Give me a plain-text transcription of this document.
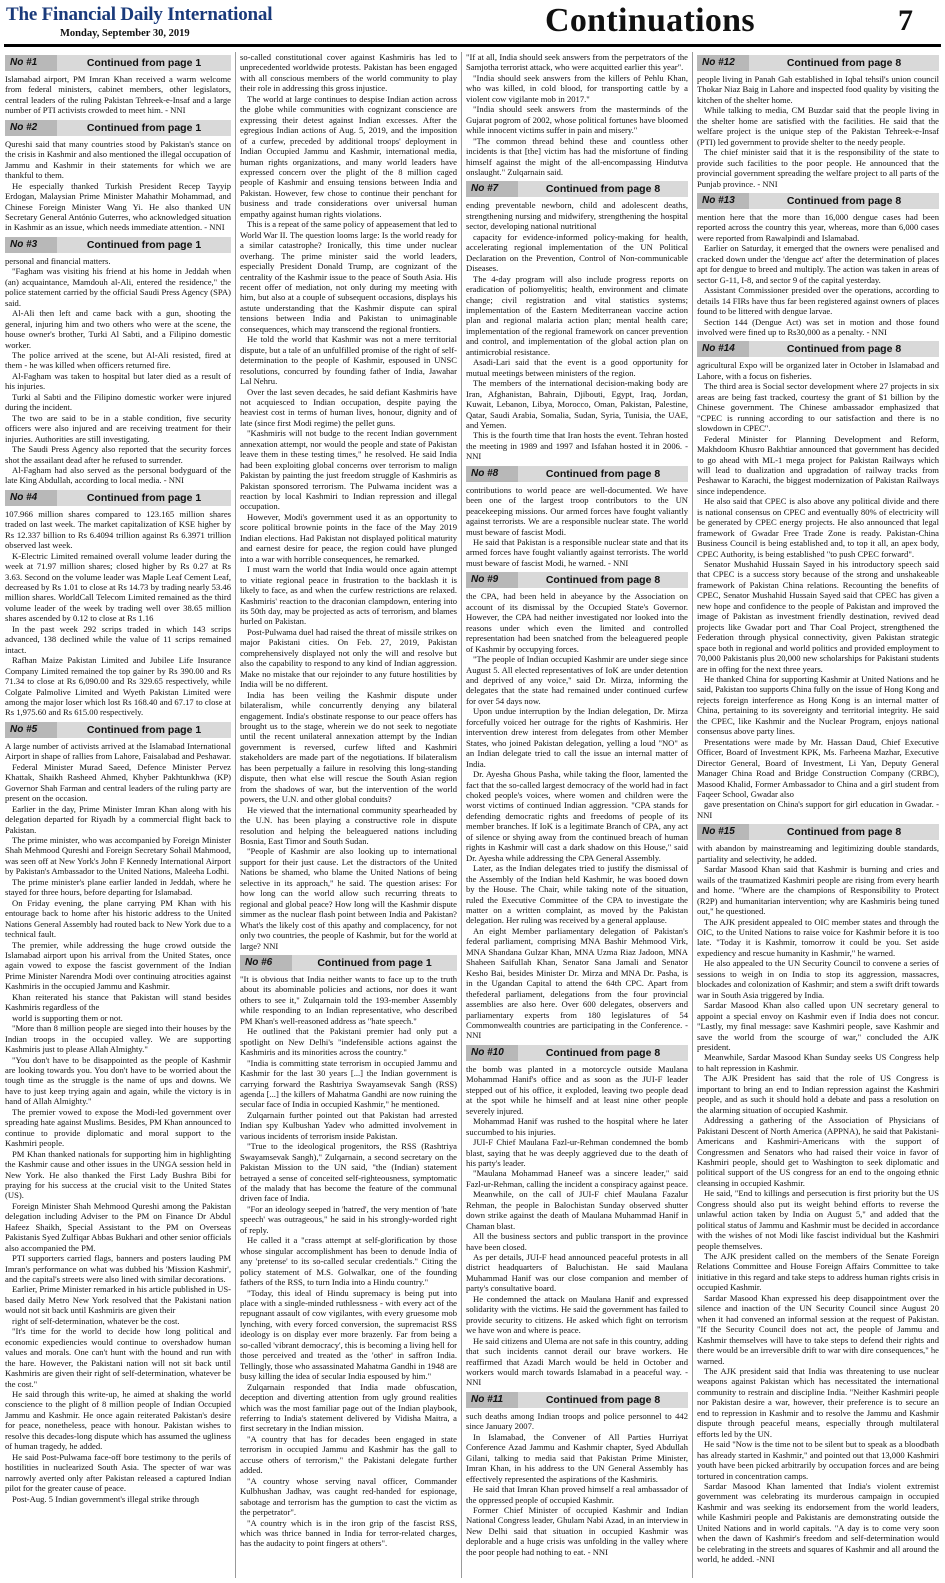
The Financial Daily International
Monday, September 30, 2019	Continuations	7
No #1	Continued from page 1

Islamabad airport, PM Imran Khan received a warm welcome from federal ministers, cabinet members, other legislators, central leaders of the ruling Pakistan Tehreek-e-Insaf and a large number of PTI activists crowded to meet him. - NNI

No #2	Continued from page 1

Qureshi said that many countries stood by Pakistan's stance on the crisis in Kashmir and also mentioned the illegal occupation of Jammu and Kashmir in their statements for which we are thankful to them.

He especially thanked Turkish President Recep Tayyip Erdogan, Malaysian Prime Minister Mahathir Mohammad, and Chinese Foreign Minister Wang Yi. He also thanked UN Secretary General António Guterres, who acknowledged situation in Kashmir as an issue, which needs immediate attention. - NNI

No #3	Continued from page 1

personal and financial matters.

"Fagham was visiting his friend at his home in Jeddah when (an) acquaintance, Mamdouh al-Ali, entered the residence," the police statement carried by the official Saudi Press Agency (SPA) said.

Al-Ali then left and came back with a gun, shooting the general, injuring him and two others who were at the scene, the house owner's brother, Turki Al Sabti, and a Filipino domestic worker.

The police arrived at the scene, but Al-Ali resisted, fired at them - he was killed when officers returned fire.

Al-Fagham was taken to hospital but later died as a result of his injuries.

Turki al Sabti and the Filipino domestic worker were injured during the incident.

The two are said to be in a stable condition, five security officers were also injured and are receiving treatment for their injuries. Authorities are still investigating.

The Saudi Press Agency also reported that the security forces shot the assailant dead after he refused to surrender.

Al-Fagham had also served as the personal bodyguard of the late King Abdullah, according to local media. - NNI

No #4	Continued from page 1

107.966 million shares compared to 123.165 million shares traded on last week. The market capitalization of KSE higher by Rs 12.337 billion to Rs 6.4094 trillion against Rs 6.3971 trillion observed last week.

K-Electric Limited remained overall volume leader during the week at 71.97 million shares; closed higher by Rs 0.27 at Rs 3.63. Second on the volume leader was Maple Leaf Cement Leaf, decreased by Rs 1.01 to close at Rs 14.73 by trading nearly 53.46 million shares. WorldCall Telecom Limited remained as the third volume leader of the week by trading well over 38.65 million shares ascended by 0.12 to close at Rs 1.16

In the past week 292 scrips traded in which 143 scrips advanced, 138 declined while the value of 11 scrips remained intact.

Rafhan Maize Pakistan Limited and Jubilee Life Insurance Company Limited remained the top gainer by Rs 390.00 and Rs 71.34 to close at Rs 6,090.00 and Rs 329.65 respectively, while Colgate Palmolive Limited and Wyeth Pakistan Limited were among the major loser which lost Rs 168.40 and 67.17 to close at Rs 1,975.60 and Rs 615.00 respectively.

No #5	Continued from page 1

A large number of activists arrived at the Islamabad International Airport in shape of rallies from Lahore, Faisalabad and Peshawar.

Federal Minister Murad Saeed, Defence Minister Pervez Khattak, Shaikh Rasheed Ahmed, Khyber Pakhtunkhwa (KP) Governor Shah Farman and central leaders of the ruling party are present on the occasion.

Earlier in the day, Prime Minister Imran Khan along with his delegation departed for Riyadh by a commercial flight back to Pakistan.

The prime minister, who was accompanied by Foreign Minister Shah Mehmood Qureshi and Foreign Secretary Sohail Mahmood, was seen off at New York's John F Kennedy International Airport by Pakistan's Ambassador to the United Nations, Maleeha Lodhi.

The prime minister's plane earlier landed in Jeddah, where he stayed for three hours, before departing for Islamabad.

On Friday evening, the plane carrying PM Khan with his entourage back to home after his historic address to the United Nations General Assembly had routed back to New York due to a technical fault.

The premier, while addressing the huge crowd outside the Islamabad airport upon his arrival from the United States, once again vowed to expose the fascist government of the Indian Prime Minister Narendra Modi over continuing atrocities against Kashmiris in the occupied Jammu and Kashmir.

Khan reiterated his stance that Pakistan will stand besides Kashmiris regardless of the

world is supporting them or not.

"More than 8 million people are sieged into their houses by the Indian troops in the occupied valley. We are supporting Kashmiris just to please Allah Almighty."

"You don't have to be disappointed as the people of Kashmir are looking towards you. You don't have to be worried about the tough time as the struggle is the name of ups and downs. We have to just keep trying again and again, while the victory is in hand of Allah Almighty."

The premier vowed to expose the Modi-led government over spreading hate against Muslims. Besides, PM Khan announced to continue to provide diplomatic and moral support to the Kashmiri people.

PM Khan thanked nationals for supporting him in highlighting the Kashmir cause and other issues in the UNGA session held in New York. He also thanked the First Lady Bushra Bibi for praying for his success at the crucial visit to the United States (US).

Foreign Minister Shah Mehmood Qureshi among the Pakistan delegation including Adviser to the PM on Finance Dr Abdul Hafeez Shaikh, Special Assistant to the PM on Overseas Pakistanis Syed Zulfiqar Abbas Bukhari and other senior officials also accompanied the PM.

PTI supporters carried flags, banners and posters lauding PM Imran's performance on what was dubbed his 'Mission Kashmir', and the capital's streets were also lined with similar decorations.

Earlier, Prime Minister remarked in his article published in US-based daily Metro New York resolved that the Pakistani nation would not sit back until Kashmiris are given their

right of self-determination, whatever be the cost.

"It's time for the world to decide how long political and economic expediencies would continue to overshadow human values and morals. One can't hunt with the hound and run with the hare. However, the Pakistani nation will not sit back until Kashmiris are given their right of self-determination, whatever be the cost."

He said through this write-up, he aimed at shaking the world conscience to the plight of 8 million people of Indian Occupied Jammu and Kashmir. He once again reiterated Pakistan's desire for peace, nonetheless, peace with honour. Pakistan wishes to resolve this decades-long dispute which has assumed the ugliness of human tragedy, he added.

He said Post-Pulwama face-off bore testimony to the perils of hostilities in nuclearized South Asia. The specter of war was narrowly averted only after Pakistan released a captured Indian pilot for the greater cause of peace.

Post-Aug. 5 Indian government's illegal strike through

so-called constitutional cover against Kashmiris has led to unprecedented worldwide protests. Pakistan has been engaged with all conscious members of the world community to play their role in addressing this gross injustice.

The world at large continues to despise Indian action across the globe while communities with cognizant conscience are expressing their detest against Indian excesses. After the egregious Indian actions of Aug. 5, 2019, and the imposition of a curfew, preceded by additional troops' deployment in Indian Occupied Jammu and Kashmir, international media, human rights organizations, and many world leaders have expressed concern over the plight of the 8 million caged people of Kashmir and ensuing tensions between India and Pakistan. However, few chose to continue their penchant for business and trade considerations over universal human empathy against human rights violations.

This is a repeat of the same policy of appeasement that led to World War II. The question looms large: Is the world ready for a similar catastrophe? Ironically, this time under nuclear overhang. The prime minister said the world leaders, especially President Donald Trump, are cognizant of the centrality of the Kashmir issue to the peace of South Asia. His recent offer of mediation, not only during my meeting with him, but also at a couple of subsequent occasions, displays his astute understanding that the Kashmir dispute can spiral tensions between India and Pakistan to unimaginable consequences, which may transcend the regional frontiers.

He told the world that Kashmir was not a mere territorial dispute, but a tale of an unfulfilled promise of the right of self-determination to the people of Kashmir, espoused in UNSC resolutions, concurred by founding father of India, Jawahar Lal Nehru.

Over the last seven decades, he said defiant Kashmiris have not acquiesced to Indian occupation, despite paying the heaviest cost in terms of human lives, honour, dignity and of late (since first Modi regime) the pellet guns.

"Kashmiris will not budge to the recent Indian government annexation attempt, nor would the people and state of Pakistan leave them in these testing times," he resolved. He said India had been exploiting global concerns over terrorism to malign Pakistan by painting the just freedom struggle of Kashmiris as Pakistan sponsored terrorism. The Pulwama incident was a reaction by local Kashmiri to Indian repression and illegal occupation.

However, Modi's government used it as an opportunity to score political brownie points in the face of the May 2019 Indian elections. Had Pakistan not displayed political maturity and earnest desire for peace, the region could have plunged into a war with horrible consequences, he remarked.

I must warn the world that India would once again attempt to vitiate regional peace in frustration to the backlash it is likely to face, as and when the curfew restrictions are relaxed. Kashmiris' reaction to the draconian clampdown, entering into its 50th day, may be projected as acts of terrorism, and blames hurled on Pakistan.

Post-Pulwama duel had raised the threat of missile strikes on major Pakistani cities. On Feb. 27, 2019, Pakistan comprehensively displayed not only the will and resolve but also the capability to respond to any kind of Indian aggression. Make no mistake that our rejoinder to any future hostilities by India will be no different.

India has been veiling the Kashmir dispute under bilateralism, while concurrently denying any bilateral engagement. India's obstinate response to our peace offers has brought us to the stage, wherein we do not seek to negotiate until the recent unilateral annexation attempt by the Indian government is reversed, curfew lifted and Kashmiri stakeholders are made part of the negotiations. If bilateralism has been perpetually a failure in resolving this long-standing dispute, then what else will rescue the South Asian region from the shadows of war, but the intervention of the world powers, the U.N. and other global conduits?

He viewed that the international community spearheaded by the U.N. has been playing a constructive role in dispute resolution and helping the beleaguered nations including Bosnia, East Timor and South Sudan.

"People of Kashmir are also looking up to international support for their just cause. Let the distractors of the United Nations be shamed, who blame the United Nations of being selective in its approach," he said. The question arises: For how long can the world allow such recurring threats to regional and global peace? How long will the Kashmir dispute simmer as the nuclear flash point between India and Pakistan? What's the likely cost of this apathy and complacency, for not only two countries, the people of Kashmir, but for the world at large? NNI

No #6	Continued from page 1

"It is obvious that India neither wants to face up to the truth about its abominable policies and actions, nor does it want others to see it," Zulqarnain told the 193-member Assembly while responding to an Indian representative, who described PM Khan's well-reasoned address as "hate speech."

He outlined that the Pakistani premier had only put a spotlight on New Delhi's "indefensible actions against the Kashmiris and its minorities across the country."

"India is committing state terrorism in occupied Jammu and Kashmir for the last 30 years [...] the Indian government is carrying forward the Rashtriya Swayamsevak Sangh (RSS) agenda [...] the killers of Mahatma Gandhi are now ruining the secular face of India in occupied Kashmir," he mentioned.

Zulqarnain further pointed out that Pakistan had arrested Indian spy Kulbushan Yadev who admitted involvement in various incidents of terrorism inside Pakistan.

"True to the ideological progenitors, the RSS (Rashtriya Swayamsevak Sangh)," Zulqarnain, a second secretary on the Pakistan Mission to the UN said, "the (Indian) statement betrayed a sense of conceited self-righteousness, symptomatic of the malady that has become the feature of the communal driven face of India.

"For an ideology seeped in 'hatred', the very mention of 'hate speech' was outrageous," he said in his strongly-worded right of reply.

He called it a "crass attempt at self-glorification by those whose singular accomplishment has been to denude India of any 'pretense' to its so-called secular credentials." Citing the policy statement of M.S. Golwalkar, one of the founding fathers of the RSS, to turn India into a Hindu country."

"Today, this ideal of Hindu supremacy is being put into place with a single-minded ruthlessness - with every act of the repugnant assault of cow vigilantes, with every gruesome mob lynching, with every forced conversion, the supremacist RSS ideology is on display ever more brazenly. Far from being a so-called 'vibrant democracy', this is becoming a living hell for those perceived and treated as the 'other' in saffron India. Tellingly, those who assassinated Mahatma Gandhi in 1948 are busy killing the idea of secular India espoused by him."

Zulqarnain responded that India made obfuscation, deception and diverting attention from ugly ground realities which was the most familiar page out of the Indian playbook, referring to India's statement delivered by Vidisha Maitra, a first secretary in the Indian mission.

"A country that has for decades been engaged in state terrorism in occupied Jammu and Kashmir has the gall to accuse others of terrorism," the Pakistani delegate further added.

"A country whose serving naval officer, Commander Kulbhushan Jadhav, was caught red-handed for espionage, sabotage and terrorism has the gumption to cast the victim as the perpetrator".

"A country which is in the iron grip of the fascist RSS, which was thrice banned in India for terror-related charges, has the audacity to point fingers at others".

"If at all, India should seek answers from the perpetrators of the Samjotha terrorist attack, who were acquitted earlier this year".

"India should seek answers from the killers of Pehlu Khan, who was killed, in cold blood, for transporting cattle by a violent cow vigilante mob in 2017."

"India should seek answers from the masterminds of the Gujarat pogrom of 2002, whose political fortunes have bloomed while innocent victims suffer in pain and misery."

"The common thread behind these and countless other incidents is that [the] victim has had the misfortune of finding himself against the might of the all-encompassing Hindutva onslaught." Zulqarnain said.

No #7	Continued from page 8

ending preventable newborn, child and adolescent deaths, strengthening nursing and midwifery, strengthening the hospital sector, developing national nutritional

capacity for evidence-informed policy-making for health, accelerating regional implementation of the UN Political Declaration on the Prevention, Control of Non-communicable Diseases.

The 4-day program will also include progress reports on eradication of poliomyelitis; health, environment and climate change; civil registration and vital statistics systems; implementation of the Eastern Mediterranean vaccine action plan and regional malaria action plan; mental health care; implementation of the regional framework on cancer prevention and control, and implementation of the global action plan on antimicrobial resistance.

Asadi-Lari said that the event is a good opportunity for mutual meetings between ministers of the region.

The members of the international decision-making body are Iran, Afghanistan, Bahrain, Djibouti, Egypt, Iraq, Jordan, Kuwait, Lebanon, Libya, Morocco, Oman, Pakistan, Palestine, Qatar, Saudi Arabia, Somalia, Sudan, Syria, Tunisia, the UAE, and Yemen.

This is the fourth time that Iran hosts the event. Tehran hosted the meeting in 1989 and 1997 and Isfahan hosted it in 2006. - NNI

No #8	Continued from page 8

contributions to world peace are well-documented. We have been one of the largest troop contributors to the UN peacekeeping missions. Our armed forces have fought valiantly against terrorists. We are a responsible nuclear state. The world must beware of fascist Modi.

He said that Pakistan is a responsible nuclear state and that its armed forces have fought valiantly against terrorists. The world must beware of fascist Modi, he warned. - NNI

No #9	Continued from page 8

the CPA, had been held in abeyance by the Association on account of its dismissal by the Occupied State's Governor. However, the CPA had neither investigated nor looked into the reasons under which even the limited and controlled representation had been snatched from the beleaguered people of Kashmir by occupying forces.

"The people of Indian occupied Kashmir are under siege since August 5. All elected representatives of IoK are under detention and deprived of any voice," said Dr. Mirza, informing the delegates that the state had remained under continued curfew for over 54 days now.

Upon undue interruption by the Indian delegation, Dr. Mirza forcefully voiced her outrage for the rights of Kashmiris. Her intervention drew interest from delegates from other Member States, who joined Pakistan delegation, yelling a loud "NO" as an Indian delegate tried to call the issue an internal matter of India.

Dr. Ayesha Ghous Pasha, while taking the floor, lamented the fact that the so-called largest democracy of the world had in fact choked people's voices, where women and children were the worst victims of continued Indian aggression. "CPA stands for defending democratic rights and freedoms of people of its member branches. If IoK is a legitimate Branch of CPA, any act of silence or shying away from the continued breach of human rights in Kashmir will cast a dark shadow on this House," said Dr. Ayesha while addressing the CPA General Assembly.

Later, as the Indian delegates tried to justify the dismissal of the Assembly of the Indian held Kashmir, he was booed down by the House. The Chair, while taking note of the situation, ruled the Executive Committee of the CPA to investigate the matter on a written complaint, as moved by the Pakistan delegation. Her ruling was received by a general applause.

An eight Member parliamentary delegation of Pakistan's federal parliament, comprising MNA Bashir Mehmood Virk, MNA Shandana Gulzar Khan, MNA Uzma Riaz Jadoon, MNA Shaheen Saifullah Khan, Senator Sana Jamali and Senator Kesho Bai, besides Minister Dr. Mirza and MNA Dr. Pasha, is in the Ugandan Capital to attend the 64th CPC. Apart from thefederal parliament, delegations from the four provincial assemblies are also here. Over 600 delegates, observers and parliamentary experts from 180 legislatures of 54 Commonwealth countries are participating in the Conference. - NNI

No #10	Continued from page 8

the bomb was planted in a motorcycle outside Maulana Mohammad Hanif's office and as soon as the JUI-F leader stepped out of his office, it exploded, leaving two people dead at the spot while he himself and at least nine other people severely injured.

Mohammad Hanif was rushed to the hospital where he later succumbed to his injuries.

JUI-F Chief Maulana Fazl-ur-Rehman condemned the bomb blast, saying that he was deeply aggrieved due to the death of his party's leader.

"Maulana Mohammad Haneef was a sincere leader," said Fazl-ur-Rehman, calling the incident a conspiracy against peace.

Meanwhile, on the call of JUI-F chief Maulana Fazalur Rehman, the people in Balochistan Sunday observed shutter down strike against the death of Maulana Muhammad Hanif in Chaman blast.

All the business sectors and public transport in the province have been closed.

As per details, JUI-F head announced peaceful protests in all district headquarters of Baluchistan. He said Maulana Muhammad Hanif was our close companion and member of party's consultative board.

He condemned the attack on Maulana Hanif and expressed solidarity with the victims. He said the government has failed to provide security to citizens. He asked which fight on terrorism we have won and where is peace.

He said citizens and Ulema are not safe in this country, adding that such incidents cannot derail our brave workers. He reaffirmed that Azadi March would be held in October and workers would march towards Islamabad in a peaceful way. - NNI

No #11	Continued from page 8

such deaths among Indian troops and police personnel to 442 since January 2007.

In Islamabad, the Convener of All Parties Hurriyat Conference Azad Jammu and Kashmir chapter, Syed Abdullah Gilani, talking to media said that Pakistan Prime Minister, Imran Khan, in his address to the UN General Assembly has effectively represented the aspirations of the Kashmiris.

He said that Imran Khan proved himself a real ambassador of the oppressed people of occupied Kashmir.

Former Chief Minister of occupied Kashmir and Indian National Congress leader, Ghulam Nabi Azad, in an interview in New Delhi said that situation in occupied Kashmir was deplorable and a huge crisis was unfolding in the valley where the poor people had nothing to eat. - NNI

No #12	Continued from page 8

people living in Panah Gah established in Iqbal tehsil's union council Thokar Niaz Baig in Lahore and inspected food quality by visiting the kitchen of the shelter home.

While talking to media, CM Buzdar said that the people living in the shelter home are satisfied with the facilities. He said that the welfare project is the unique step of the Pakistan Tehreek-e-Insaf (PTI) led government to provide shelter to the needy people.

The chief minister said that it is the responsibility of the state to provide such facilities to the poor people. He announced that the provincial government spreading the welfare project to all parts of the Punjab province. - NNI

No #13	Continued from page 8

mention here that the more than 16,000 dengue cases had been reported across the country this year, whereas, more than 6,000 cases were reported from Rawalpindi and Islamabad.

Earlier on Saturday, it emerged that the owners were penalised and cracked down under the 'dengue act' after the determination of places apt for dengue to breed and multiply. The action was taken in areas of sector G-11, I-8, and sector 9 of the capital yesterday.

Assistant Commissioner presided over the operations, according to details 14 FIRs have thus far been registered against owners of places found to be littered with dengue larvae.

Section 144 (Dengue Act) was set in motion and those found involved were fined up to Rs30,000 as a penalty. - NNI

No #14	Continued from page 8

agricultural Expo will be organized later in October in Islamabad and Lahore, with a focus on fisheries.

The third area is Social sector development where 27 projects in six areas are being fast tracked, courtesy the grant of $1 billion by the Chinese government. The Chinese ambassador emphasized that "CPEC is running according to our satisfaction and there is no slowdown in CPEC".

Federal Minister for Planning Development and Reform, Makhdoom Khusro Bakhtiar announced that government has decided to go ahead with ML-1 mega project for Pakistan Railways which will lead to dualization and upgradation of railway tracks from Peshawar to Karachi, the biggest modernization of Pakistan Railways since independence.

He also said that CPEC is also above any political divide and there is national consensus on CPEC and eventually 80% of electricity will be generated by CPEC energy projects. He also announced that legal framework of Gwadar Free Trade Zone is ready. Pakistan-China Business Council is being established and, to top it all, an apex body, CPEC Authority, is being established "to push CPEC forward".

Senator Mushahid Hussain Sayed in his introductory speech said that CPEC is a success story because of the strong and unshakeable framework of Pakistan China relations. Recounting the benefits of CPEC, Senator Mushahid Hussain Sayed said that CPEC has given a new hope and confidence to the people of Pakistan and improved the image of Pakistan as investment friendly destination, revived dead projects like Gwadar port and Thar Coal Project, strengthened the Federation through physical connectivity, given Pakistan strategic space both in regional and world politics and provided employment to 70,000 Pakistanis plus 20,000 new scholarships for Pakistani students are in offing for the next three years.

He thanked China for supporting Kashmir at United Nations and he said, Pakistan too supports China fully on the issue of Hong Kong and rejects foreign interference as Hong Kong is an internal matter of China, pertaining to its sovereignty and territorial integrity. He said the CPEC, like Kashmir and the Nuclear Program, enjoys national consensus above party lines.

Presentations were made by Mr. Hassan Daud, Chief Executive Officer, Board of Investment KPK, Ms. Farheena Mazhar, Executive Director General, Board of Investment, Li Yan, Deputy General Manager China Road and Bridge Construction Company (CRBC), Masood Khalid, Former Ambassador to China and a girl student from Faqeer School, Gwadar also

gave presentation on China's support for girl education in Gwadar. - NNI

No #15	Continued from page 8

with abandon by mainstreaming and legitimizing double standards, partiality and selectivity, he added.

Sardar Masood Khan said that Kashmir is burning and cries and wails of the traumatized Kashmiri people are rising from every hearth and home. "Where are the champions of Responsibility to Protect (R2P) and humanitarian intervention; why are Kashmiris being tuned out," he questioned.

The AJK president appealed to OIC member states and through the OIC, to the United Nations to raise voice for Kashmir before it is too late. "Today it is Kashmir, tomorrow it could be you. Set aside expediency and rescue humanity in Kashmir," he warned.

He also appealed to the UN Security Council to convene a series of sessions to weigh in on India to stop its aggression, massacres, blockades and colonization of Kashmir; and stem a swift drift towards war in South Asia triggered by India.

Sardar Masood Khan also called upon UN secretary general to appoint a special envoy on Kashmir even if India does not concur. "Lastly, my final message: save Kashmiri people, save Kashmir and save the world from the scourge of war," concluded the AJK president.

Meanwhile, Sardar Masood Khan Sunday seeks US Congress help to halt repression in Kashmir.

The AJK President has said that the role of US Congress is important to bring an end to Indian repression against the Kashmiri people, and as such it should hold a debate and pass a resolution on the alarming situation of occupied Kashmir.

Addressing a gathering of the Association of Physicians of Pakistani Descent of North America (APPNA), he said that Pakistani-Americans and Kashmiri-Americans with the support of Congressmen and Senators who had raised their voice in favor of Kashmiri people, should get to Washington to seek diplomatic and political support of the US congress for an end to the ongoing ethnic cleansing in occupied Kashmir.

He said, "End to killings and persecution is first priority but the US Congress should also put its weight behind efforts to reverse the unlawful action taken by India on August 5," and added that the political status of Jammu and Kashmir must be decided in accordance with the wishes of not Modi like fascist individual but the Kashmiri people themselves.

The AJK president called on the members of the Senate Foreign Relations Committee and House Foreign Affairs Committee to take initiative in this regard and take steps to address human rights crisis in occupied Kashmir.

Sardar Masood Khan expressed his deep disappointment over the silence and inaction of the UN Security Council since August 20 when it had convened an informal session at the request of Pakistan. "If the Security Council does not act, the people of Jammu and Kashmir themselves will have to take steps to defend their rights and there would be an irreversible drift to war with dire consequences," he warned.

The AJK president said that India was threatening to use nuclear weapons against Pakistan which has necessitated the international community to restrain and discipline India. "Neither Kashmiri people nor Pakistan desire a war, however, their preference is to secure an end to repression in Kashmir and to resolve the Jammu and Kashmir dispute through peaceful means, especially through multilateral efforts led by the UN.

He said "Now is the time not to be silent but to speak as a bloodbath has already started in Kashmir," and pointed out that 13,000 Kashmiri youth have been picked arbitrarily by occupation forces and are being tortured in concentration camps.

Sardar Masood Khan lamented that India's violent extremist government was celebrating its murderous campaign in occupied Kashmir and was seeking its endorsement from the world leaders, while Kashmiri people and Pakistanis are demonstrating outside the United Nations and in world capitals. "A day is to come very soon when the dawn of Kashmir's freedom and self-determination would be celebrating in the streets and squares of Kashmir and all around the world, he added. -NNI
